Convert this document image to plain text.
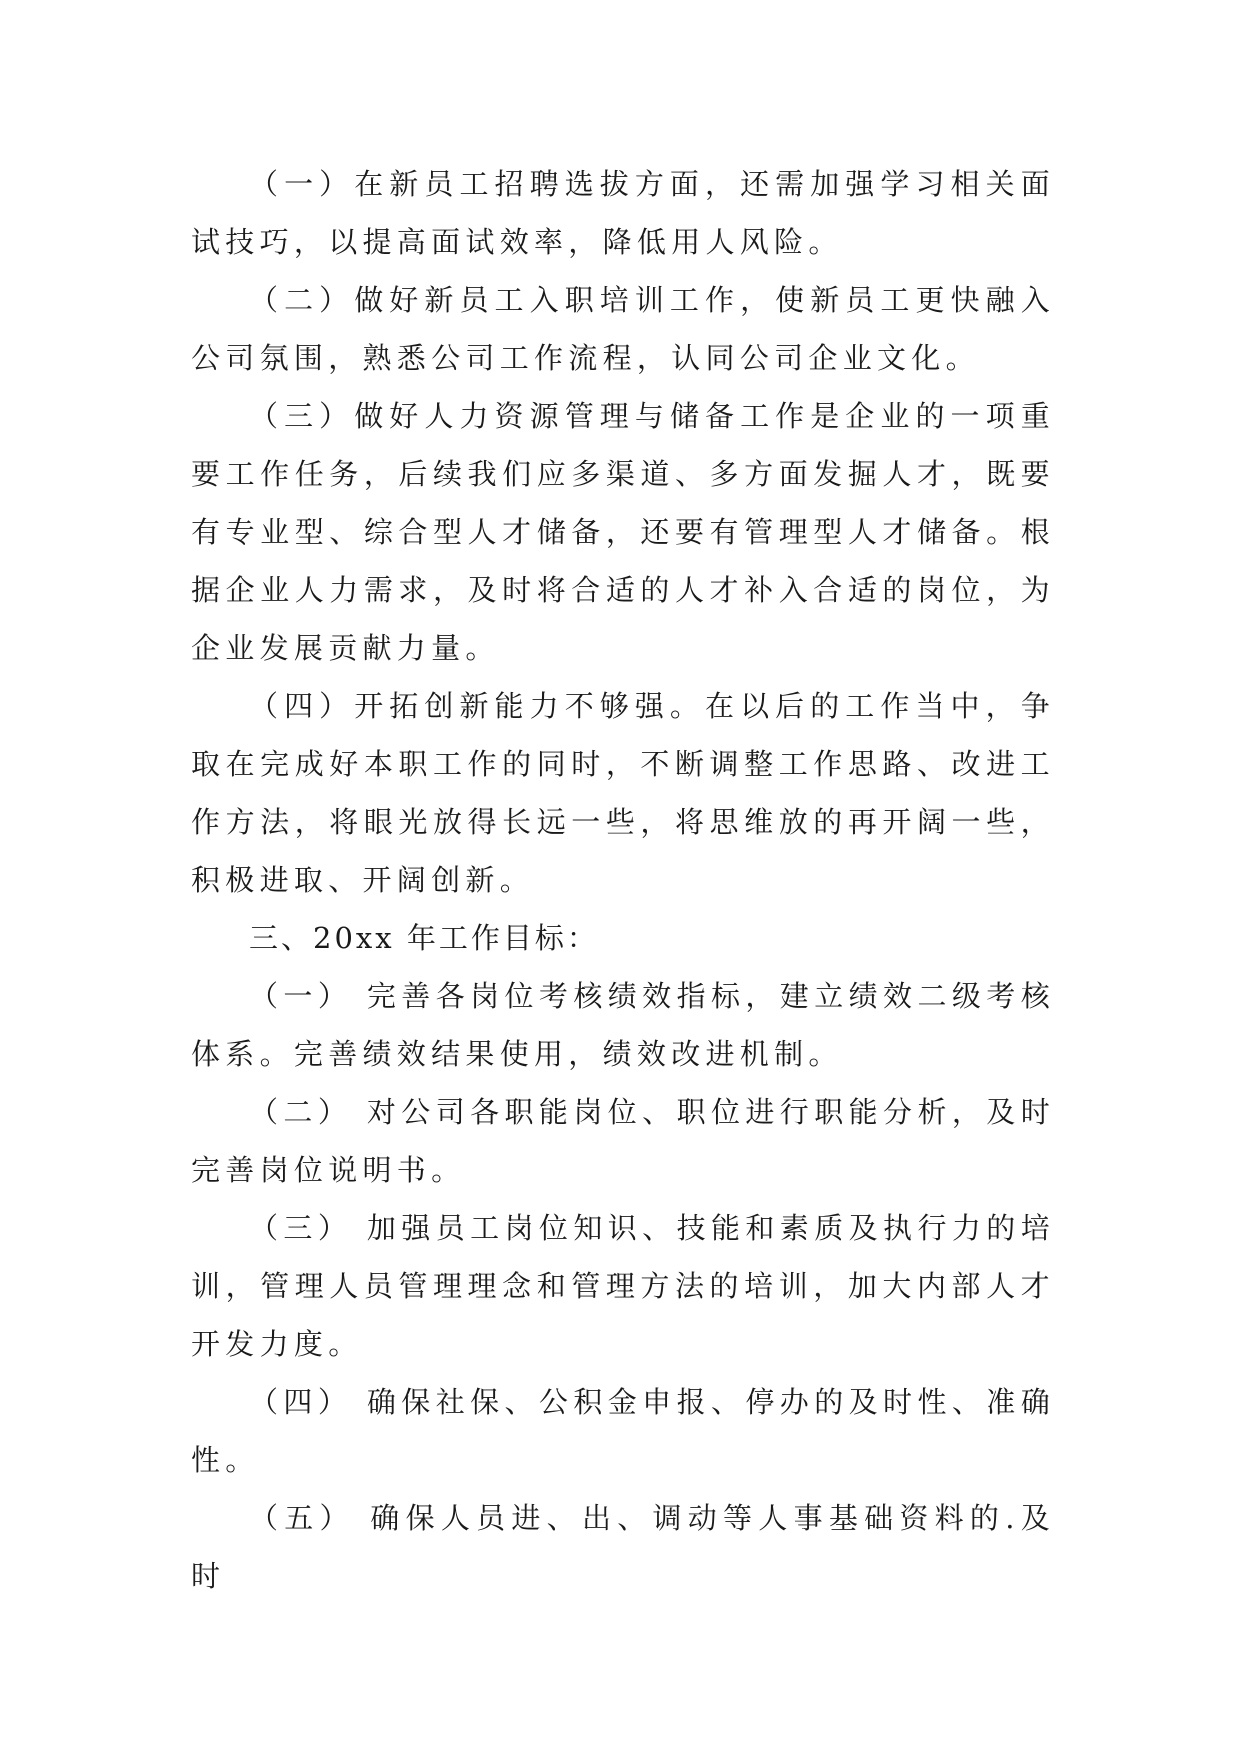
（一）在新员工招聘选拔方面，还需加强学习相关面试技巧，以提高面试效率，降低用人风险。

（二）做好新员工入职培训工作，使新员工更快融入公司氛围，熟悉公司工作流程，认同公司企业文化。

（三）做好人力资源管理与储备工作是企业的一项重要工作任务，后续我们应多渠道、多方面发掘人才，既要有专业型、综合型人才储备，还要有管理型人才储备。根据企业人力需求，及时将合适的人才补入合适的岗位，为企业发展贡献力量。

（四）开拓创新能力不够强。在以后的工作当中，争取在完成好本职工作的同时，不断调整工作思路、改进工作方法，将眼光放得长远一些，将思维放的再开阔一些，积极进取、开阔创新。

三、20xx 年工作目标：

（一） 完善各岗位考核绩效指标，建立绩效二级考核体系。完善绩效结果使用，绩效改进机制。

（二） 对公司各职能岗位、职位进行职能分析，及时完善岗位说明书。

（三） 加强员工岗位知识、技能和素质及执行力的培训，管理人员管理理念和管理方法的培训，加大内部人才开发力度。

（四） 确保社保、公积金申报、停办的及时性、准确性。

（五） 确保人员进、出、调动等人事基础资料的.及时
